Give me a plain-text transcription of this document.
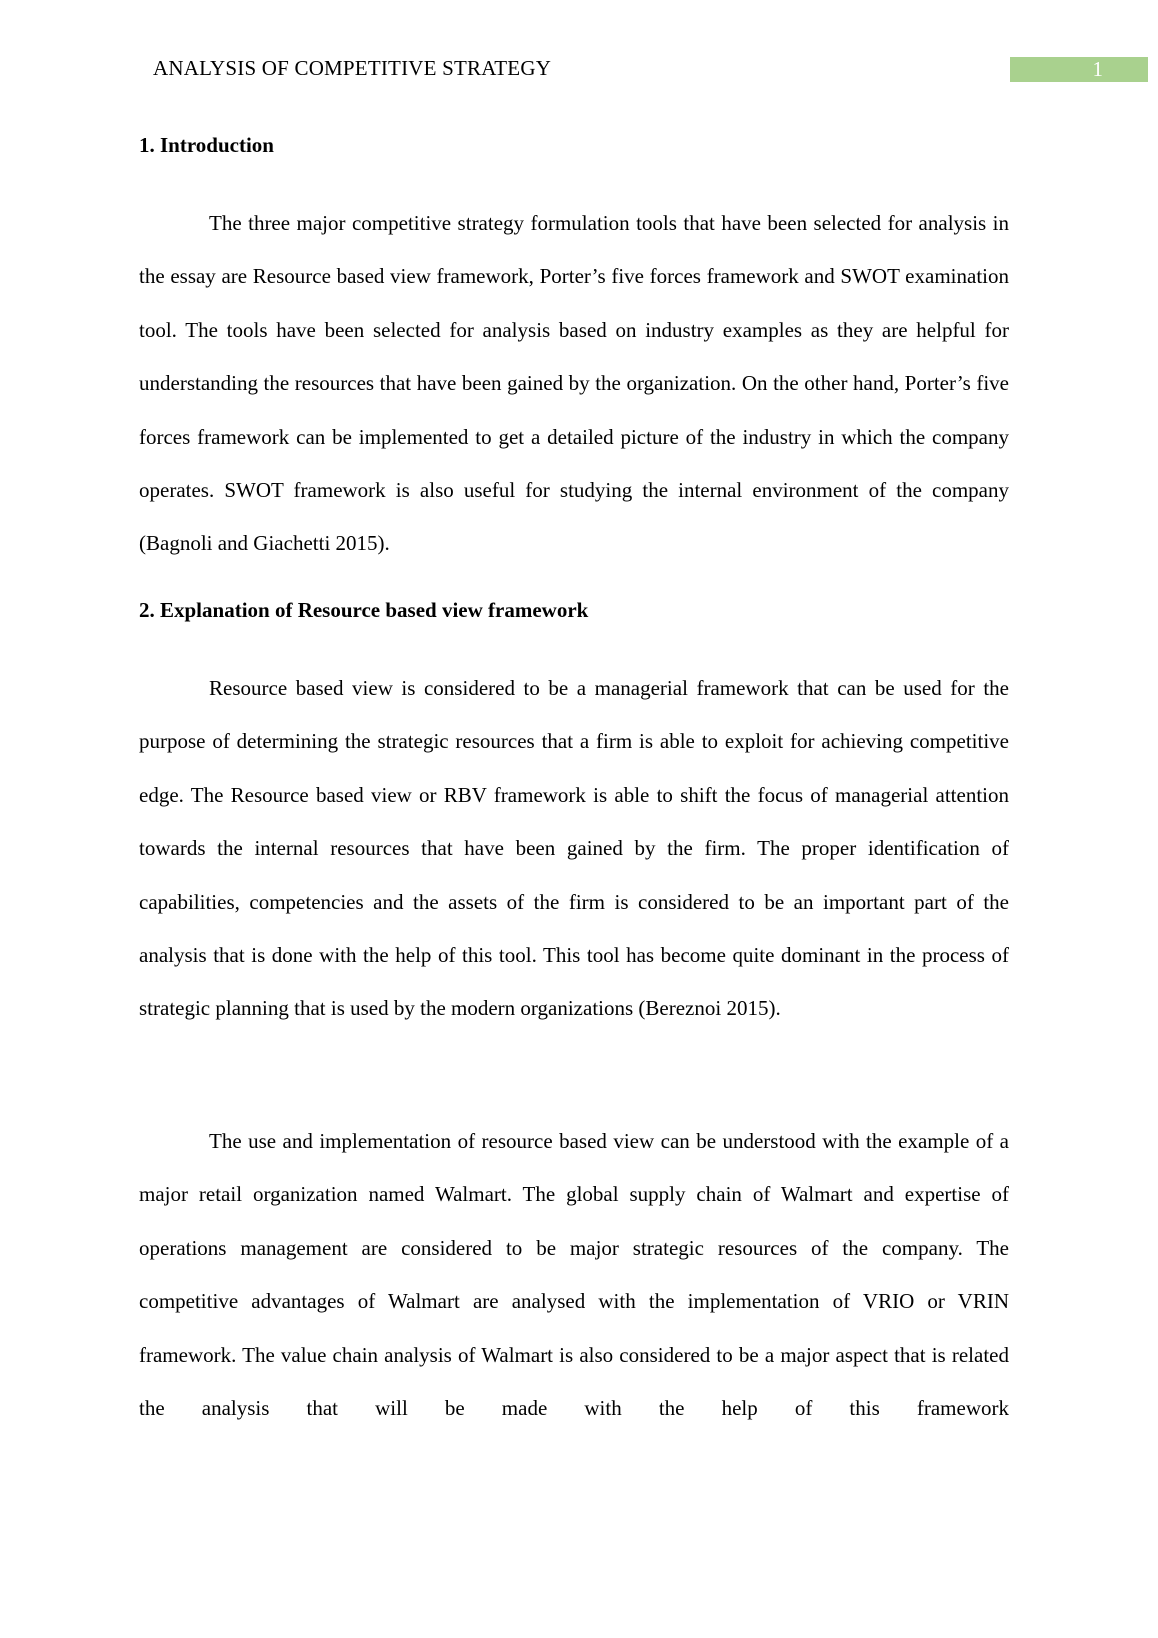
ANALYSIS OF COMPETITIVE STRATEGY	1
1. Introduction

The three major competitive strategy formulation tools that have been selected for analysis in the essay are Resource based view framework, Porter’s five forces framework and SWOT examination tool. The tools have been selected for analysis based on industry examples as they are helpful for understanding the resources that have been gained by the organization. On the other hand, Porter’s five forces framework can be implemented to get a detailed picture of the industry in which the company operates. SWOT framework is also useful for studying the internal environment of the company (Bagnoli and Giachetti 2015).

2. Explanation of Resource based view framework

Resource based view is considered to be a managerial framework that can be used for the purpose of determining the strategic resources that a firm is able to exploit for achieving competitive edge. The Resource based view or RBV framework is able to shift the focus of managerial attention towards the internal resources that have been gained by the firm. The proper identification of capabilities, competencies and the assets of the firm is considered to be an important part of the analysis that is done with the help of this tool. This tool has become quite dominant in the process of strategic planning that is used by the modern organizations (Bereznoi 2015).

The use and implementation of resource based view can be understood with the example of a major retail organization named Walmart. The global supply chain of Walmart and expertise of operations management are considered to be major strategic resources of the company. The competitive advantages of Walmart are analysed with the implementation of VRIO or VRIN framework. The value chain analysis of Walmart is also considered to be a major aspect that is related the analysis that will be made with the help of this framework
